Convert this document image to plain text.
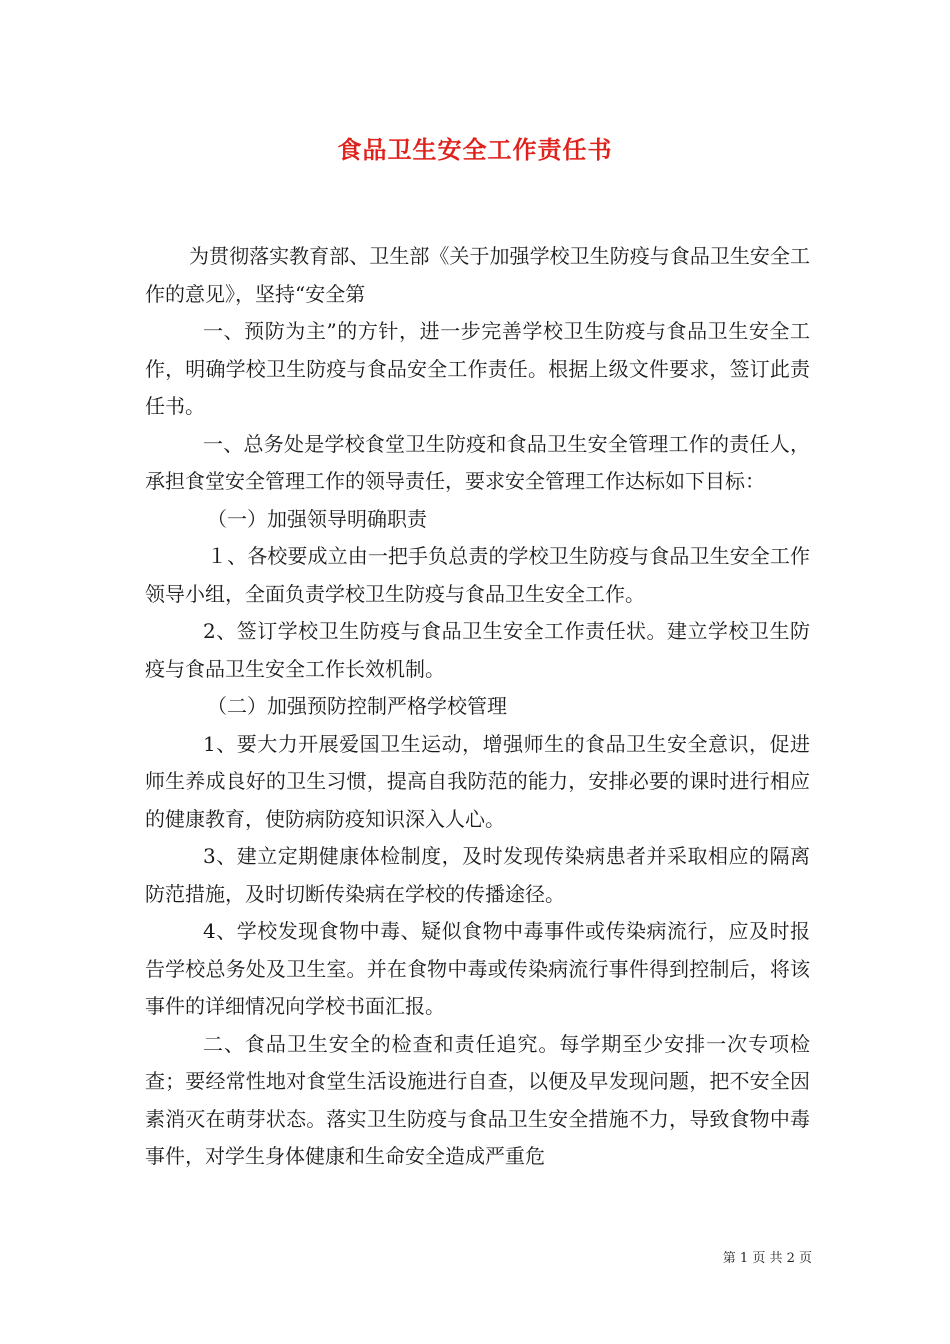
食品卫生安全工作责任书

为贯彻落实教育部、卫生部《关于加强学校卫生防疫与食品卫生安全工作的意见》，坚持“安全第

一、预防为主”的方针，进一步完善学校卫生防疫与食品卫生安全工作，明确学校卫生防疫与食品安全工作责任。根据上级文件要求，签订此责任书。

一、总务处是学校食堂卫生防疫和食品卫生安全管理工作的责任人，承担食堂安全管理工作的领导责任，要求安全管理工作达标如下目标：

（一）加强领导明确职责

１、各校要成立由一把手负总责的学校卫生防疫与食品卫生安全工作领导小组，全面负责学校卫生防疫与食品卫生安全工作。

2、签订学校卫生防疫与食品卫生安全工作责任状。建立学校卫生防疫与食品卫生安全工作长效机制。

（二）加强预防控制严格学校管理

1、要大力开展爱国卫生运动，增强师生的食品卫生安全意识，促进师生养成良好的卫生习惯，提高自我防范的能力，安排必要的课时进行相应的健康教育，使防病防疫知识深入人心。

3、建立定期健康体检制度，及时发现传染病患者并采取相应的隔离防范措施，及时切断传染病在学校的传播途径。

4、学校发现食物中毒、疑似食物中毒事件或传染病流行，应及时报告学校总务处及卫生室。并在食物中毒或传染病流行事件得到控制后，将该事件的详细情况向学校书面汇报。

二、食品卫生安全的检查和责任追究。每学期至少安排一次专项检查；要经常性地对食堂生活设施进行自查，以便及早发现问题，把不安全因素消灭在萌芽状态。落实卫生防疫与食品卫生安全措施不力，导致食物中毒事件，对学生身体健康和生命安全造成严重危

第 1 页 共 2 页
